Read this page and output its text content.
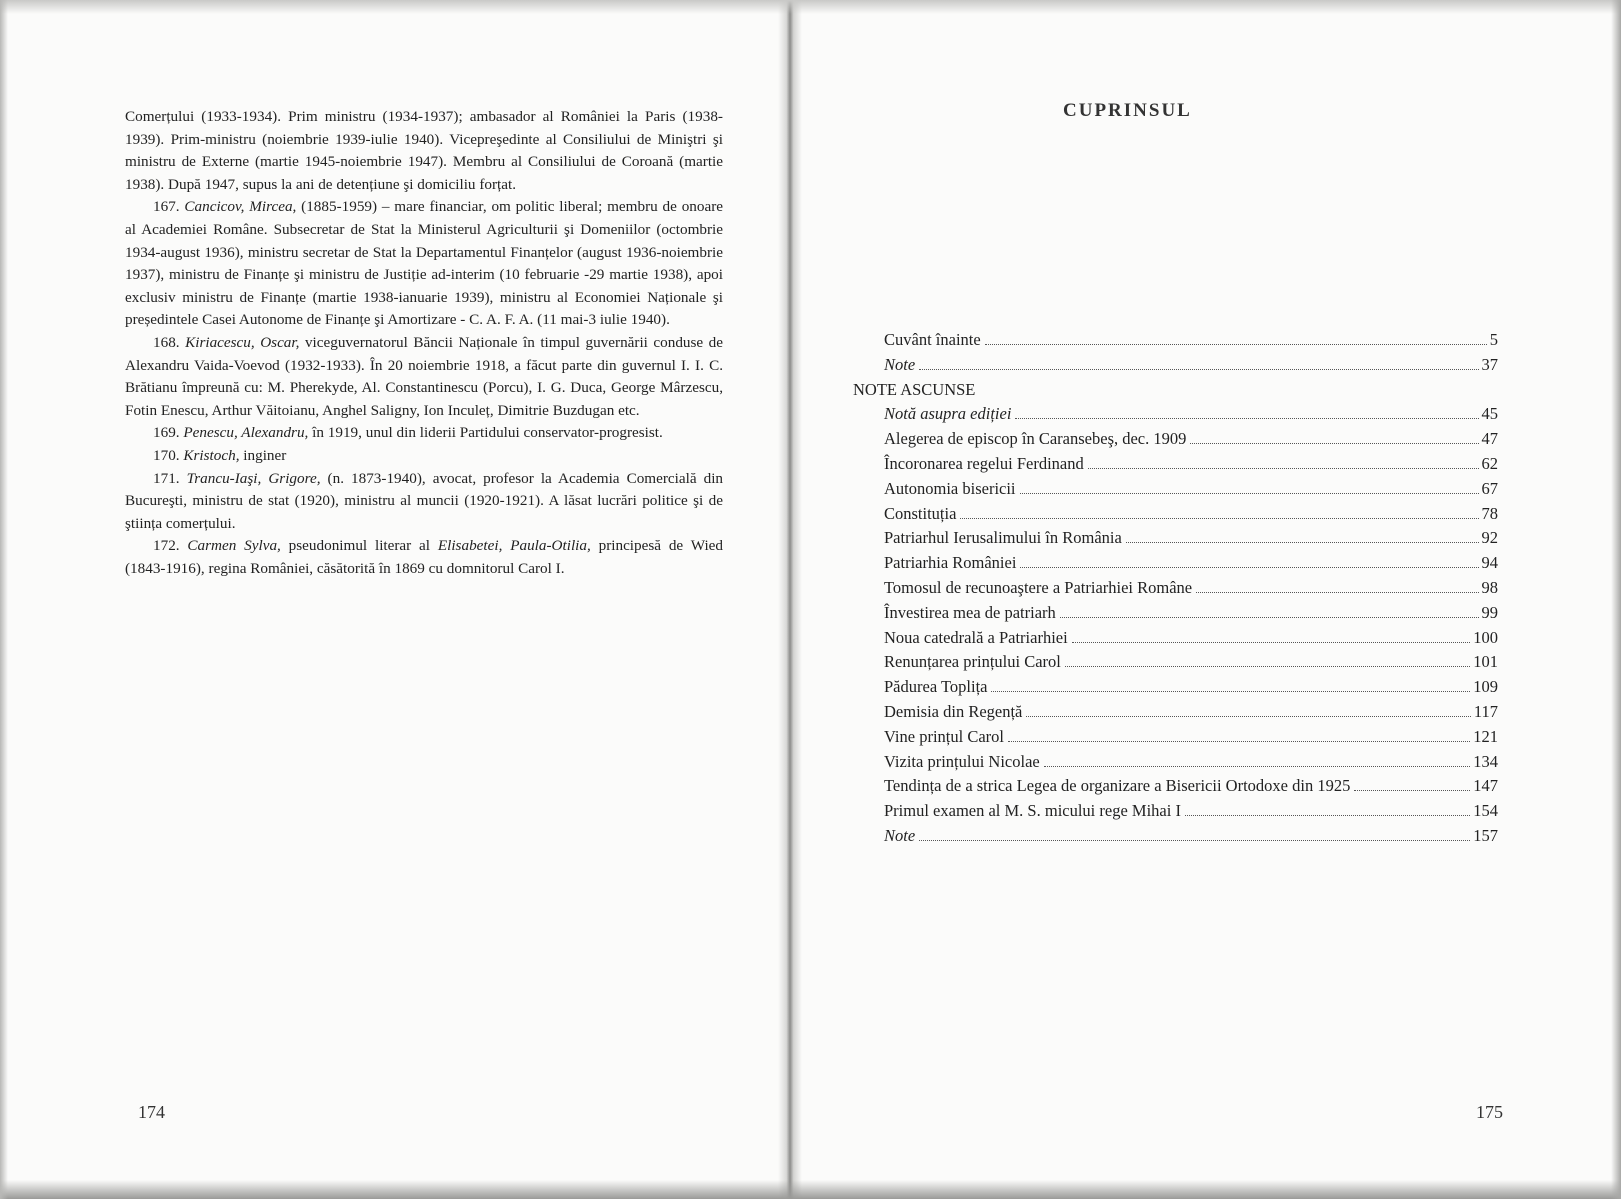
Comerțului (1933-1934). Prim ministru (1934-1937); ambasador al României la Paris (1938-1939). Prim-ministru (noiembrie 1939-iulie 1940). Vicepreşedinte al Consiliului de Miniştri şi ministru de Externe (martie 1945-noiembrie 1947). Membru al Consiliului de Coroană (martie 1938). După 1947, supus la ani de detențiune şi domiciliu forțat.

167. Cancicov, Mircea, (1885-1959) – mare financiar, om politic liberal; membru de onoare al Academiei Române. Subsecretar de Stat la Ministerul Agriculturii şi Domeniilor (octombrie 1934-august 1936), ministru secretar de Stat la Departamentul Finanțelor (august 1936-noiembrie 1937), ministru de Finanțe şi ministru de Justiție ad-interim (10 februarie -29 martie 1938), apoi exclusiv ministru de Finanțe (martie 1938-ianuarie 1939), ministru al Economiei Naționale şi președintele Casei Autonome de Finanțe şi Amortizare - C. A. F. A. (11 mai-3 iulie 1940).

168. Kiriacescu, Oscar, viceguvernatorul Băncii Naționale în timpul guvernării conduse de Alexandru Vaida-Voevod (1932-1933). În 20 noiembrie 1918, a făcut parte din guvernul I. I. C. Brătianu împreună cu: M. Pherekyde, Al. Constantinescu (Porcu), I. G. Duca, George Mârzescu, Fotin Enescu, Arthur Văitoianu, Anghel Saligny, Ion Inculeț, Dimitrie Buzdugan etc.

169. Penescu, Alexandru, în 1919, unul din liderii Partidului conservator-progresist.

170. Kristoch, inginer

171. Trancu-Iaşi, Grigore, (n. 1873-1940), avocat, profesor la Academia Comercială din Bucureşti, ministru de stat (1920), ministru al muncii (1920-1921). A lăsat lucrări politice şi de ştiința comerțului.

172. Carmen Sylva, pseudonimul literar al Elisabetei, Paula-Otilia, principesă de Wied (1843-1916), regina României, căsătorită în 1869 cu domnitorul Carol I.

174
CUPRINSUL
Cuvânt înainte	5
Note	37
NOTE ASCUNSE
Notă asupra ediției	45
Alegerea de episcop în Caransebeş, dec. 1909	47
Încoronarea regelui Ferdinand	62
Autonomia bisericii	67
Constituția	78
Patriarhul Ierusalimului în România	92
Patriarhia României	94
Tomosul de recunoaştere a Patriarhiei Române	98
Învestirea mea de patriarh	99
Noua catedrală a Patriarhiei	100
Renunțarea prințului Carol	101
Pădurea Toplița	109
Demisia din Regență	117
Vine prințul Carol	121
Vizita prințului Nicolae	134
Tendința de a strica Legea de organizare a Bisericii Ortodoxe din 1925	147
Primul examen al M. S. micului rege Mihai I	154
Note	157
175
